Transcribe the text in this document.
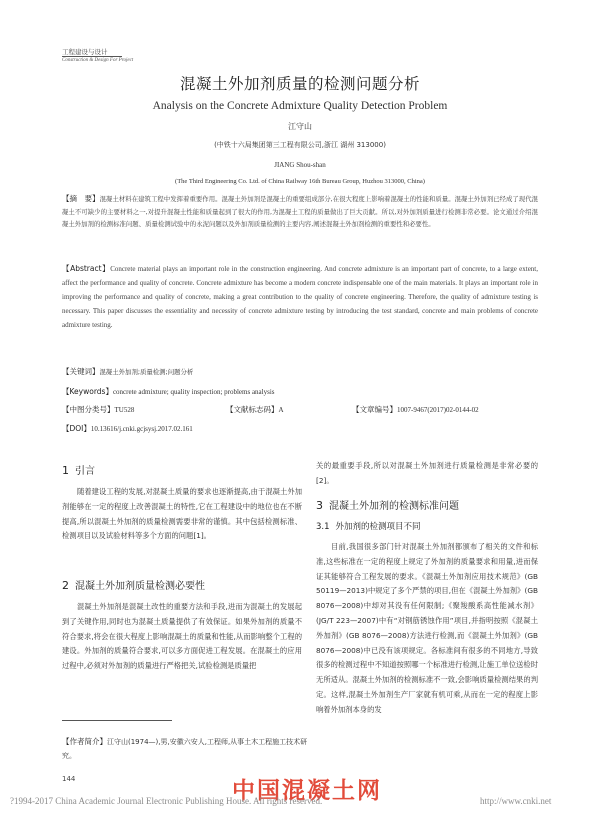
工程建设与设计
Construction & Design For Project
混凝土外加剂质量的检测问题分析
Analysis on the Concrete Admixture Quality Detection Problem
江守山
(中铁十六局集团第三工程有限公司,浙江 湖州 313000)
JIANG Shou-shan
(The Third Engineering Co. Ltd. of China Railway 16th Bureau Group, Huzhou 313000, China)
【摘　要】混凝土材料在建筑工程中发挥着重要作用。混凝土外加剂是混凝土的重要组成部分,在很大程度上影响着混凝土的性能和质量。混凝土外加剂已经成了现代混凝土不可缺少的主要材料之一,对提升混凝土性能和质量起到了很大的作用,为混凝土工程的质量做出了巨大贡献。所以,对外加剂质量进行检测非常必要。论文通过介绍混凝土外加剂的检测标准问题、质量检测试验中的永泥问题以及外加剂质量检测的主要内容,阐述混凝土外加剂检测的重要性和必要性。
【Abstract】Concrete material plays an important role in the construction engineering. And concrete admixture is an important part of concrete, to a large extent, affect the performance and quality of concrete. Concrete admixture has become a modern concrete indispensable one of the main materials. It plays an important role in improving the performance and quality of concrete, making a great contribution to the quality of concrete engineering. Therefore, the quality of admixture testing is necessary. This paper discusses the essentiality and necessity of concrete admixture testing by introducing the test standard, concrete and main problems of concrete admixture testing.
【关键词】混凝土外加剂;质量检测;问题分析
【Keywords】concrete admixture; quality inspection; problems analysis
【中图分类号】TU528	【文献标志码】A	【文章编号】1007-9467(2017)02-0144-02
【DOI】10.13616/j.cnki.gcjsysj.2017.02.161
1 引言
随着建设工程的发展,对混凝土质量的要求也逐渐提高,由于混凝土外加剂能够在一定的程度上改善混凝土的特性,它在工程建设中的地位也在不断提高,所以混凝土外加剂的质量检测需要非常的谨慎。其中包括检测标准、检测项目以及试验材料等多个方面的问题[1]。
2 混凝土外加剂质量检测必要性
混凝土外加剂是混凝土改性的重要方法和手段,进而为混凝土的发展起到了关键作用,同时也为混凝土质量提供了有效保证。如果外加剂的质量不符合要求,将会在很大程度上影响混凝土的质量和性能,从而影响整个工程的建设。外加剂的质量符合要求,可以多方面促进工程发展。在混凝土的应用过程中,必须对外加剂的质量进行严格把关,试验检测是质量把
【作者简介】江守山(1974—),男,安徽六安人,工程师,从事土木工程施工技术研究。
144
关的最重要手段,所以对混凝土外加剂进行质量检测是非常必要的[2]。
3 混凝土外加剂的检测标准问题
3.1 外加剂的检测项目不同
目前,我国很多部门针对混凝土外加剂都颁布了相关的文件和标准,这些标准在一定的程度上规定了外加剂的质量要求和用量,进而保证其能够符合工程发展的要求。《混凝土外加剂应用技术规范》(GB 50119—2013)中规定了多个严禁的项目,但在《混凝土外加剂》(GB 8076—2008)中却对其没有任何限制;《聚羧酸系高性能减水剂》(JG/T 223—2007)中有“对钢筋锈蚀作用”项目,并指明按照《混凝土外加剂》(GB 8076—2008)方法进行检测,而《混凝土外加剂》(GB 8076—2008)中已没有该项规定。各标准间有很多的不同地方,导致很多的检测过程中不知道按照哪一个标准进行检测,让施工单位送检时无所适从。混凝土外加剂的检测标准不一致,会影响质量检测结果的判定。这样,混凝土外加剂生产厂家就有机可乘,从而在一定的程度上影响着外加剂本身的发
中国混凝土网
?1994-2017 China Academic Journal Electronic Publishing House. All rights reserved.	http://www.cnki.net
